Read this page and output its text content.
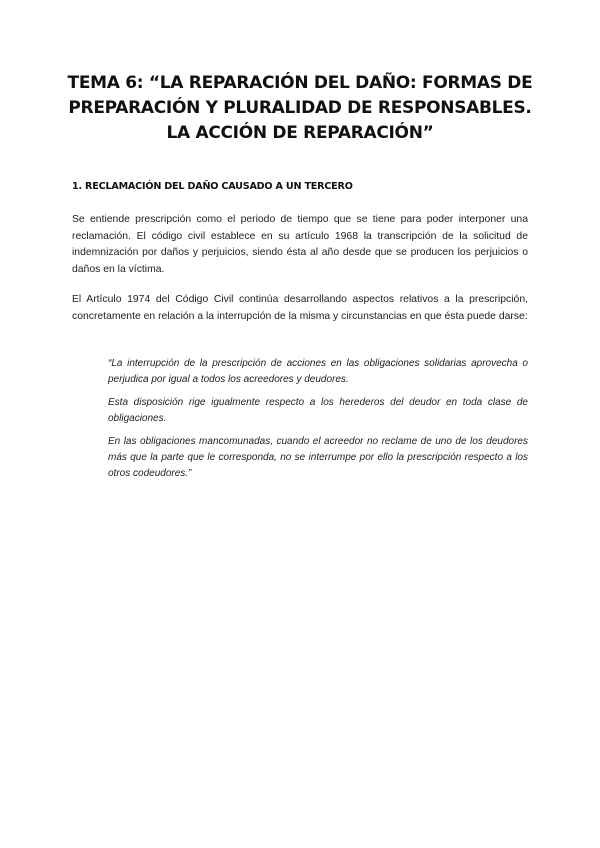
TEMA 6: “LA REPARACIÓN DEL DAÑO: FORMAS DE PREPARACIÓN Y PLURALIDAD DE RESPONSABLES. LA ACCIÓN DE REPARACIÓN”
1. RECLAMACIÓN DEL DAÑO CAUSADO A UN TERCERO

Se entiende prescripción como el periodo de tiempo que se tiene para poder interponer una reclamación. El código civil establece en su artículo 1968 la transcripción de la solicitud de indemnización por daños y perjuicios, siendo ésta al año desde que se producen los perjuicios o daños en la víctima.

El Artículo 1974 del Código Civil continúa desarrollando aspectos relativos a la prescripción, concretamente en relación a la interrupción de la misma y circunstancias en que ésta puede darse:

“La interrupción de la prescripción de acciones en las obligaciones solidarias aprovecha o perjudica por igual a todos los acreedores y deudores.

Esta disposición rige igualmente respecto a los herederos del deudor en toda clase de obligaciones.

En las obligaciones mancomunadas, cuando el acreedor no reclame de uno de los deudores más que la parte que le corresponda, no se interrumpe por ello la prescripción respecto a los otros codeudores.”
